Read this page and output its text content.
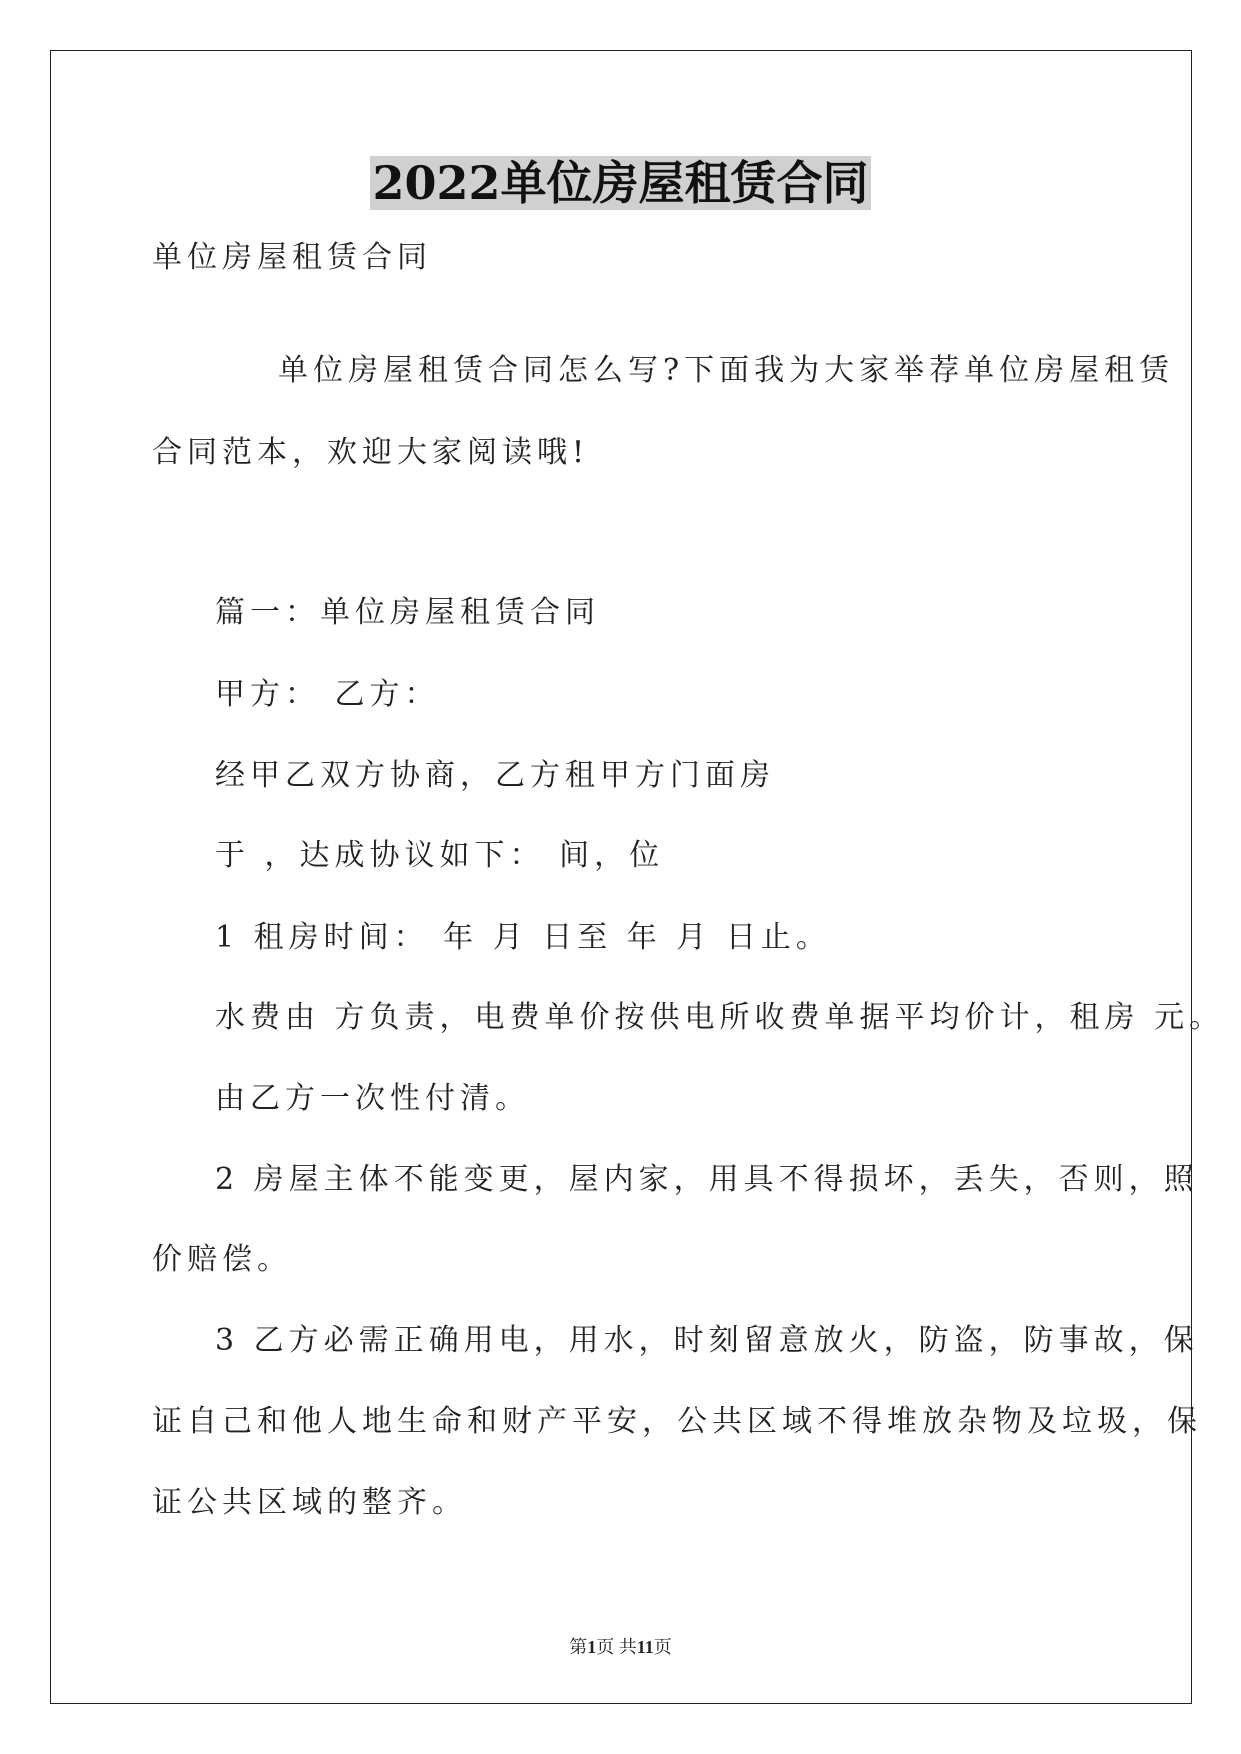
2022单位房屋租赁合同

单位房屋租赁合同

单位房屋租赁合同怎么写?下面我为大家举荐单位房屋租赁

合同范本，欢迎大家阅读哦!

篇一：单位房屋租赁合同

甲方： 乙方：

经甲乙双方协商，乙方租甲方门面房

于 ，达成协议如下： 间，位

1 租房时间： 年 月 日至 年 月 日止。

水费由 方负责，电费单价按供电所收费单据平均价计，租房 元。

由乙方一次性付清。

2 房屋主体不能变更，屋内家，用具不得损坏，丢失，否则，照

价赔偿。

3 乙方必需正确用电，用水，时刻留意放火，防盗，防事故，保

证自己和他人地生命和财产平安，公共区域不得堆放杂物及垃圾，保

证公共区域的整齐。

第1页 共11页
